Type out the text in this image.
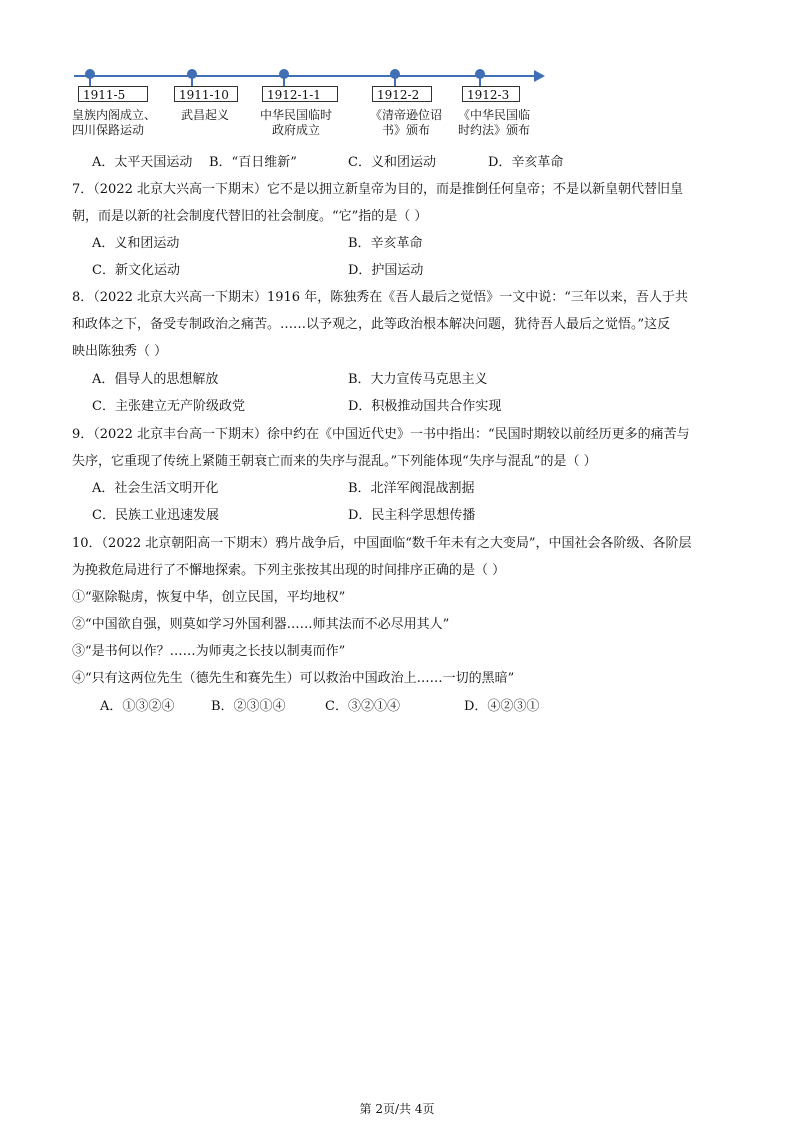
1911-5
皇族内阁成立、
四川保路运动
1911-10
武昌起义
1912-1-1
中华民国临时
政府成立
1912-2
《清帝逊位诏
书》颁布
1912-3
《中华民国临
时约法》颁布
A．太平天国运动 B．“百日维新”	C．义和团运动	D．辛亥革命
7．（2022 北京大兴高一下期末）它不是以拥立新皇帝为目的，而是推倒任何皇帝；不是以新皇朝代替旧皇
朝，而是以新的社会制度代替旧的社会制度。“它”指的是（ ）
A．义和团运动	B．辛亥革命
C．新文化运动	D．护国运动
8．（2022 北京大兴高一下期末）1916 年，陈独秀在《吾人最后之觉悟》一文中说：“三年以来，吾人于共
和政体之下，备受专制政治之痛苦。……以予观之，此等政治根本解决问题，犹待吾人最后之觉悟。”这反
映出陈独秀（ ）
A．倡导人的思想解放	B．大力宣传马克思主义
C．主张建立无产阶级政党	D．积极推动国共合作实现
9．（2022 北京丰台高一下期末）徐中约在《中国近代史》一书中指出：“民国时期较以前经历更多的痛苦与
失序，它重现了传统上紧随王朝衰亡而来的失序与混乱。”下列能体现“失序与混乱”的是（ ）
A．社会生活文明开化	B．北洋军阀混战割据
C．民族工业迅速发展	D．民主科学思想传播
10．（2022 北京朝阳高一下期末）鸦片战争后，中国面临“数千年未有之大变局”，中国社会各阶级、各阶层
为挽救危局进行了不懈地探索。下列主张按其出现的时间排序正确的是（ ）
①“驱除鞑虏，恢复中华，创立民国，平均地权”
②“中国欲自强，则莫如学习外国利器……师其法而不必尽用其人”
③“是书何以作？……为师夷之长技以制夷而作”
④“只有这两位先生（德先生和赛先生）可以救治中国政治上……一切的黑暗”
A．①③②④	B．②③①④	C．③②①④	D．④②③①
第 2页/共 4页
